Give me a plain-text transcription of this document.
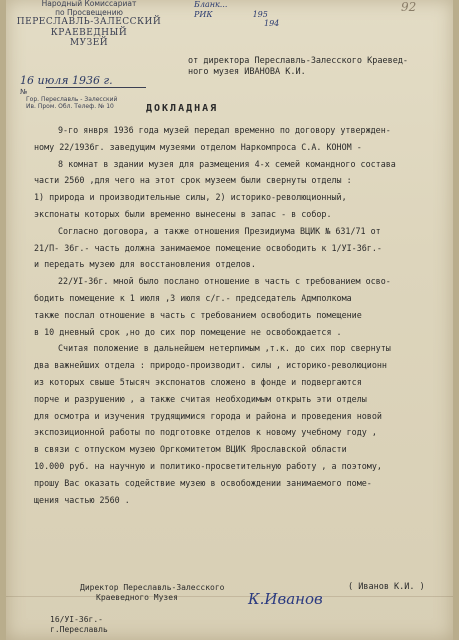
Народный Комиссариат
по Просвещению
ПЕРЕСЛАВЛЬ-ЗАЛЕССКИЙ
КРАЕВЕДНЫЙ
МУЗЕЙ
16 июля 1936 г.
№
Гор. Переславль - Залесский
Ив. Пром. Обл. Телеф. № 10
Бланк...
РИК	195
194
92
от директора Переславль-Залесского Краевед-
ного музея ИВАНОВА К.И.
ДОКЛАДНАЯ
9-го янвря 1936 года музей передал временно по договору утвержден-
ному 22/1936г. заведущим музеями отделом Наркомпроса С.А. КОНОМ -
8 комнат в здании музея для размещения 4-х семей командного состава
части 2560 ,для чего на этот срок музеем были свернуты отделы :
1) природа и производительные силы, 2) историко-революционный,
экспонаты которых были временно вынесены в запас - в собор.
Согласно договора, а также отношения Президиума ВЦИК № 631/71 от
21/П- 36г.- часть должна занимаемое помещение освободить к 1/УI-36г.-
и передать музею для восстановления отделов.
22/УI-36г. мной было послано отношение в часть с требованием осво-
бодить помещение к 1 июля ,3 июля с/г.- председатель Адмполкома
также послал отношение в часть с требованием освободить помещение
в 10 дневный срок ,но до сих пор помещение не освобождается .
Считая положение в дальнейшем нетерпимым ,т.к. до сих пор свернуты
два важнейших отдела : природо-производит. силы , историко-революционн
из которых свыше 5тысяч экспонатов сложено в фонде и подвергаются
порче и разрушению , а также считая необходимым открыть эти отделы
для осмотра и изучения трудящимися города и района и проведения новой
экспозиционной работы по подготовке отделов к новому учебному году ,
в связи с отпуском музею Оргкомитетом ВЦИК Ярославской области
10.000 руб. на научную и политико-просветительную работу , а поэтому,
прошу Вас оказать содействие музею в освобождении занимаемого поме-
щения частью 2560 .
Директор Переславль-Залесского
Краеведного Музея	К.Иванов
( Иванов К.И. )
16/УI-36г.-
г.Переславль
